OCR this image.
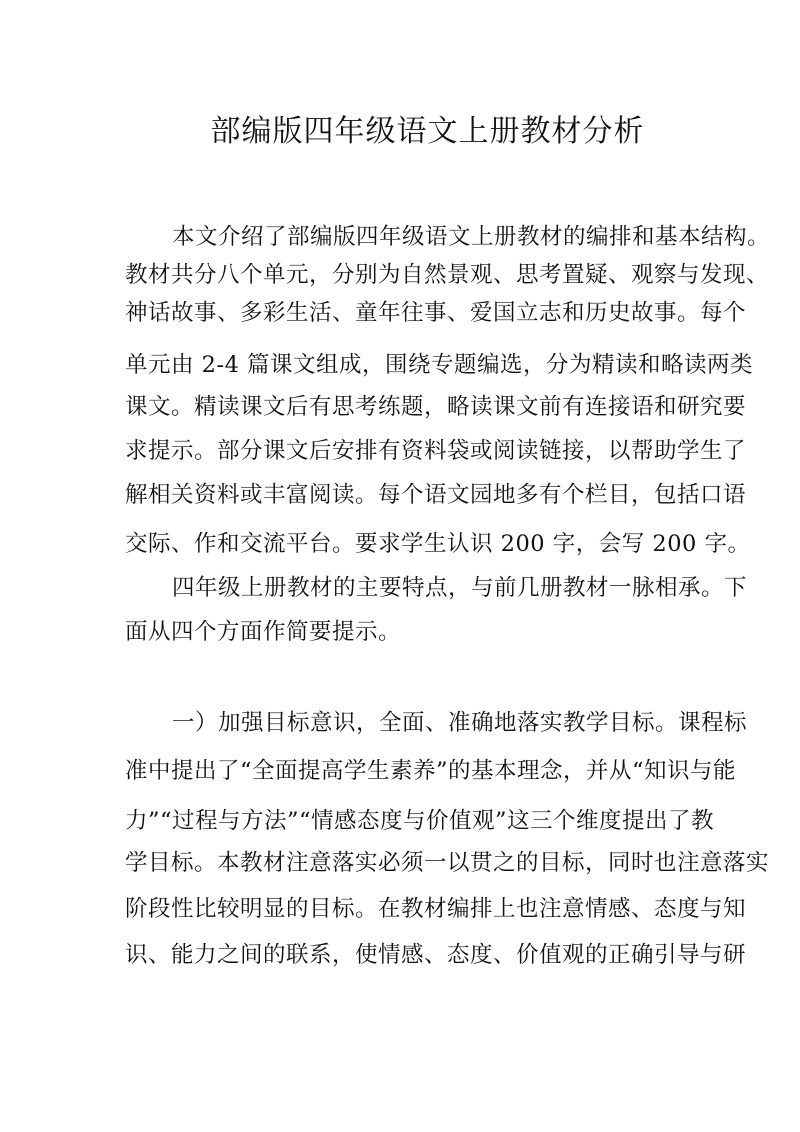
部编版四年级语文上册教材分析
本文介绍了部编版四年级语文上册教材的编排和基本结构。
教材共分八个单元，分别为自然景观、思考置疑、观察与发现、
神话故事、多彩生活、童年往事、爱国立志和历史故事。每个
单元由 2-4 篇课文组成，围绕专题编选，分为精读和略读两类
课文。精读课文后有思考练题，略读课文前有连接语和研究要
求提示。部分课文后安排有资料袋或阅读链接，以帮助学生了
解相关资料或丰富阅读。每个语文园地多有个栏目，包括口语
交际、作和交流平台。要求学生认识 200 字，会写 200 字。
四年级上册教材的主要特点，与前几册教材一脉相承。下
面从四个方面作简要提示。
一）加强目标意识，全面、准确地落实教学目标。课程标
准中提出了“全面提高学生素养”的基本理念，并从“知识与能
力”“过程与方法”“情感态度与价值观”这三个维度提出了教
学目标。本教材注意落实必须一以贯之的目标，同时也注意落实
阶段性比较明显的目标。在教材编排上也注意情感、态度与知
识、能力之间的联系，使情感、态度、价值观的正确引导与研
